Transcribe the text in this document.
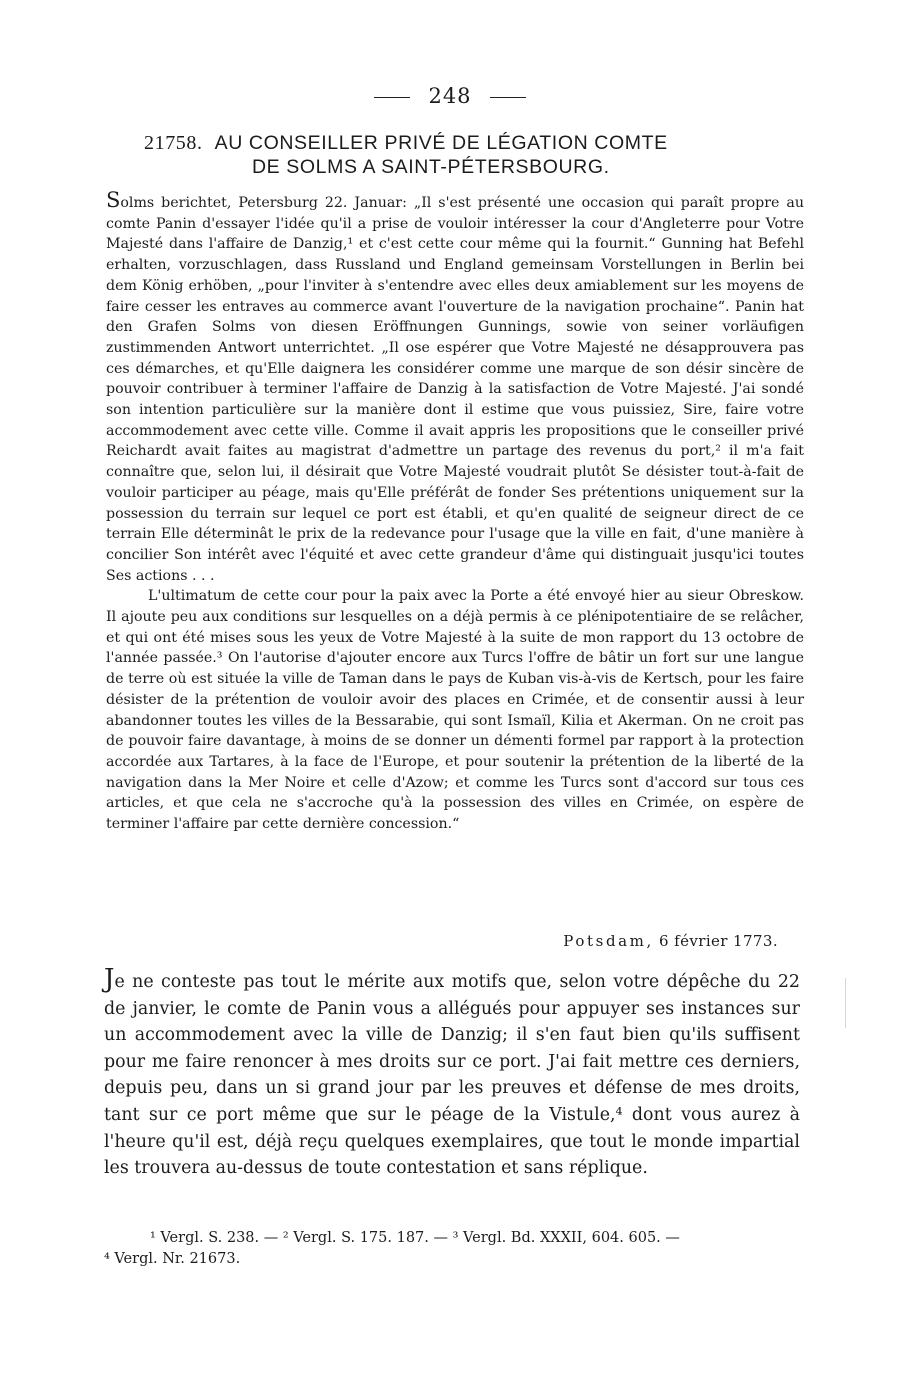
248
21758. AU CONSEILLER PRIVÉ DE LÉGATION COMTE
DE SOLMS A SAINT-PÉTERSBOURG.

Solms berichtet, Petersburg 22. Januar: „Il s'est présenté une occasion qui paraît propre au comte Panin d'essayer l'idée qu'il a prise de vouloir intéresser la cour d'Angleterre pour Votre Majesté dans l'affaire de Danzig,¹ et c'est cette cour même qui la fournit.“ Gunning hat Befehl erhalten, vorzuschlagen, dass Russland und England gemeinsam Vorstellungen in Berlin bei dem König erhöben, „pour l'inviter à s'entendre avec elles deux amiablement sur les moyens de faire cesser les entraves au commerce avant l'ouverture de la navigation prochaine“. Panin hat den Grafen Solms von diesen Eröffnungen Gunnings, sowie von seiner vorläufigen zustimmenden Antwort unterrichtet. „Il ose espérer que Votre Majesté ne désapprouvera pas ces démarches, et qu'Elle daignera les considérer comme une marque de son désir sincère de pouvoir contribuer à terminer l'affaire de Danzig à la satisfaction de Votre Majesté. J'ai sondé son intention particulière sur la manière dont il estime que vous puissiez, Sire, faire votre accommodement avec cette ville. Comme il avait appris les propositions que le conseiller privé Reichardt avait faites au magistrat d'admettre un partage des revenus du port,² il m'a fait connaître que, selon lui, il désirait que Votre Majesté voudrait plutôt Se désister tout-à-fait de vouloir participer au péage, mais qu'Elle préférât de fonder Ses prétentions uniquement sur la possession du terrain sur lequel ce port est établi, et qu'en qualité de seigneur direct de ce terrain Elle déterminât le prix de la redevance pour l'usage que la ville en fait, d'une manière à concilier Son intérêt avec l'équité et avec cette grandeur d'âme qui distinguait jusqu'ici toutes Ses actions . . .

L'ultimatum de cette cour pour la paix avec la Porte a été envoyé hier au sieur Obreskow. Il ajoute peu aux conditions sur lesquelles on a déjà permis à ce plénipotentiaire de se relâcher, et qui ont été mises sous les yeux de Votre Majesté à la suite de mon rapport du 13 octobre de l'année passée.³ On l'autorise d'ajouter encore aux Turcs l'offre de bâtir un fort sur une langue de terre où est située la ville de Taman dans le pays de Kuban vis-à-vis de Kertsch, pour les faire désister de la prétention de vouloir avoir des places en Crimée, et de consentir aussi à leur abandonner toutes les villes de la Bessarabie, qui sont Ismaïl, Kilia et Akerman. On ne croit pas de pouvoir faire davantage, à moins de se donner un démenti formel par rapport à la protection accordée aux Tartares, à la face de l'Europe, et pour soutenir la prétention de la liberté de la navigation dans la Mer Noire et celle d'Azow; et comme les Turcs sont d'accord sur tous ces articles, et que cela ne s'accroche qu'à la possession des villes en Crimée, on espère de terminer l'affaire par cette dernière concession.“

Potsdam, 6 février 1773.

Je ne conteste pas tout le mérite aux motifs que, selon votre dépêche du 22 de janvier, le comte de Panin vous a allégués pour appuyer ses instances sur un accommodement avec la ville de Danzig; il s'en faut bien qu'ils suffisent pour me faire renoncer à mes droits sur ce port. J'ai fait mettre ces derniers, depuis peu, dans un si grand jour par les preuves et défense de mes droits, tant sur ce port même que sur le péage de la Vistule,⁴ dont vous aurez à l'heure qu'il est, déjà reçu quelques exemplaires, que tout le monde impartial les trouvera au-dessus de toute contestation et sans réplique.

¹ Vergl. S. 238. — ² Vergl. S. 175. 187. — ³ Vergl. Bd. XXXII, 604. 605. —

⁴ Vergl. Nr. 21673.
